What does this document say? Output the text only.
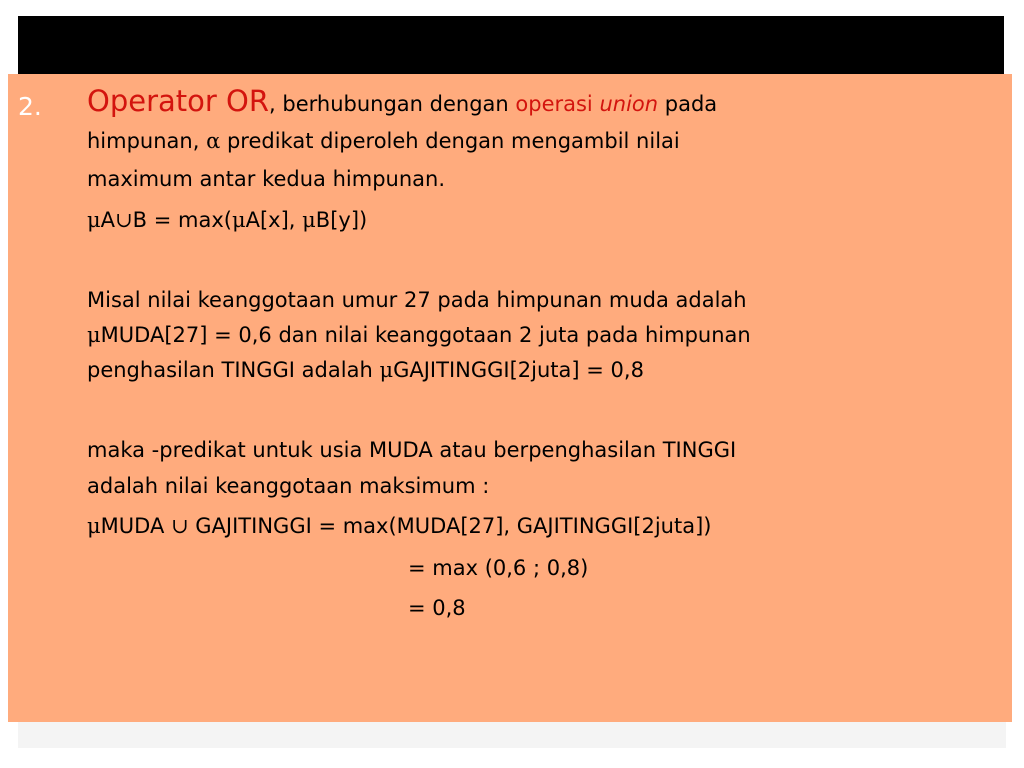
2. Operator OR, berhubungan dengan operasi union pada
himpunan, α predikat diperoleh dengan mengambil nilai
maximum antar kedua himpunan.
μA∪B = max(μA[x], μB[y])
Misal nilai keanggotaan umur 27 pada himpunan muda adalah
μMUDA[27] = 0,6 dan nilai keanggotaan 2 juta pada himpunan
penghasilan TINGGI adalah μGAJITINGGI[2juta] = 0,8
maka -predikat untuk usia MUDA atau berpenghasilan TINGGI
adalah nilai keanggotaan maksimum :
μMUDA ∪ GAJITINGGI = max(MUDA[27], GAJITINGGI[2juta])
= max (0,6 ; 0,8)
= 0,8
